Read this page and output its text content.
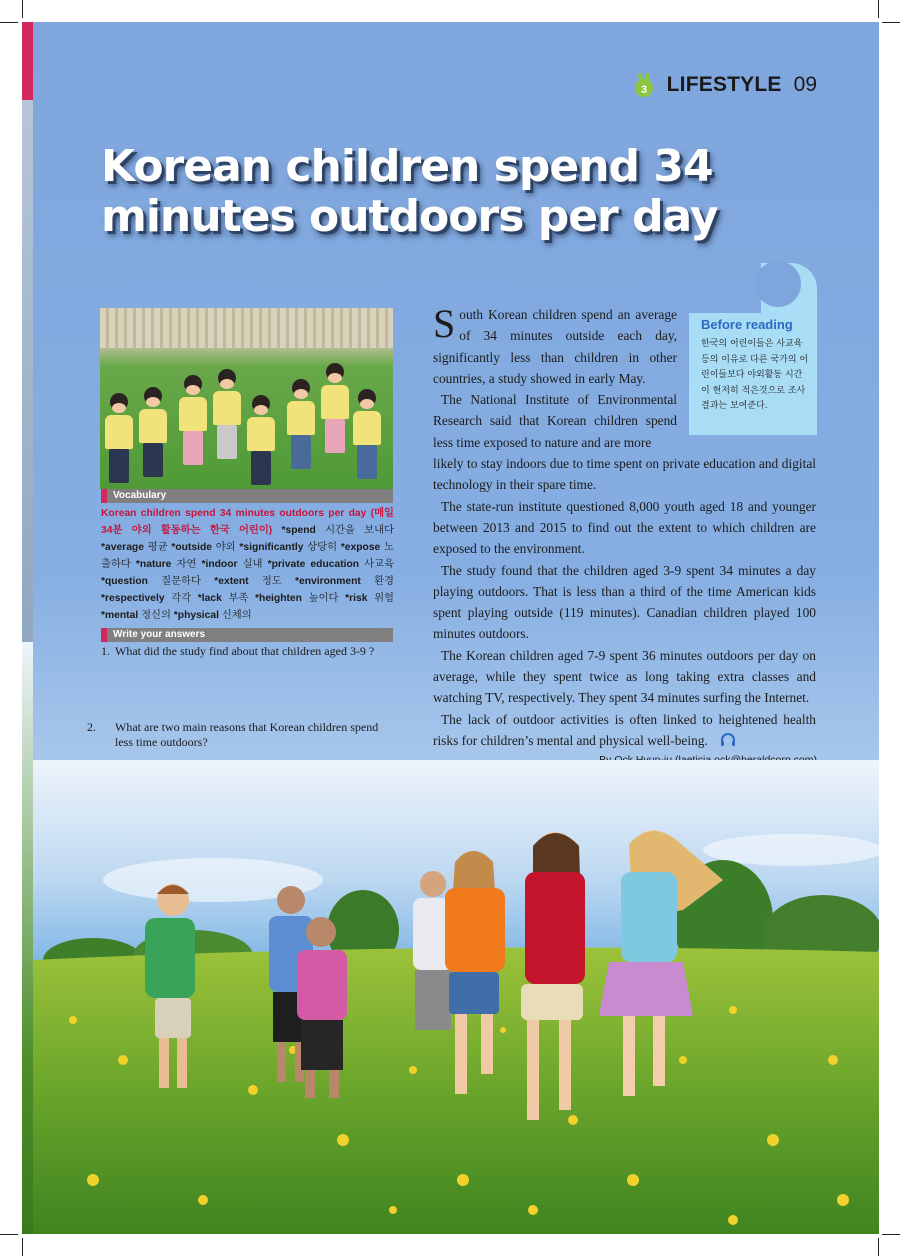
3 LIFESTYLE 09
Korean children spend 34 minutes outdoors per day
Vocabulary
Korean children spend 34 minutes outdoors per day (매일 34분 야외 활동하는 한국 어린이) *spend 시간을 보내다 *average 평균 *outside 야외 *significantly 상당히 *expose 노출하다 *nature 자연 *indoor 실내 *private education 사교육 *question 질문하다 *extent 정도 *environment 환경 *respectively 각각 *lack 부족 *heighten 높이다 *risk 위험 *mental 정신의 *physical 신체의
Write your answers
1. What did the study find about that children aged 3-9 ?
2. What are two main reasons that Korean children spend less time outdoors?
Before reading
한국의 어린이들은 사교육 등의 이유로 다른 국가의 어린이들보다 야외활동 시간이 현저히 적은것으로 조사결과는 보여준다.

South Korean children spend an average of 34 minutes outside each day, significantly less than children in other countries, a study showed in early May.

The National Institute of Environmental Research said that Korean children spend less time exposed to nature and are more

likely to stay indoors due to time spent on private education and digital technology in their spare time.

The state-run institute questioned 8,000 youth aged 18 and younger between 2013 and 2015 to find out the extent to which children are exposed to the environment.

The study found that the children aged 3-9 spent 34 minutes a day playing outdoors. That is less than a third of the time American kids spent playing outside (119 minutes). Canadian children played 100 minutes outdoors.

The Korean children aged 7-9 spent 36 minutes outdoors per day on average, while they spent twice as long taking extra classes and watching TV, respectively. They spent 34 minutes surfing the Internet.

The lack of outdoor activities is often linked to heightened health risks for children’s mental and physical well-being.
